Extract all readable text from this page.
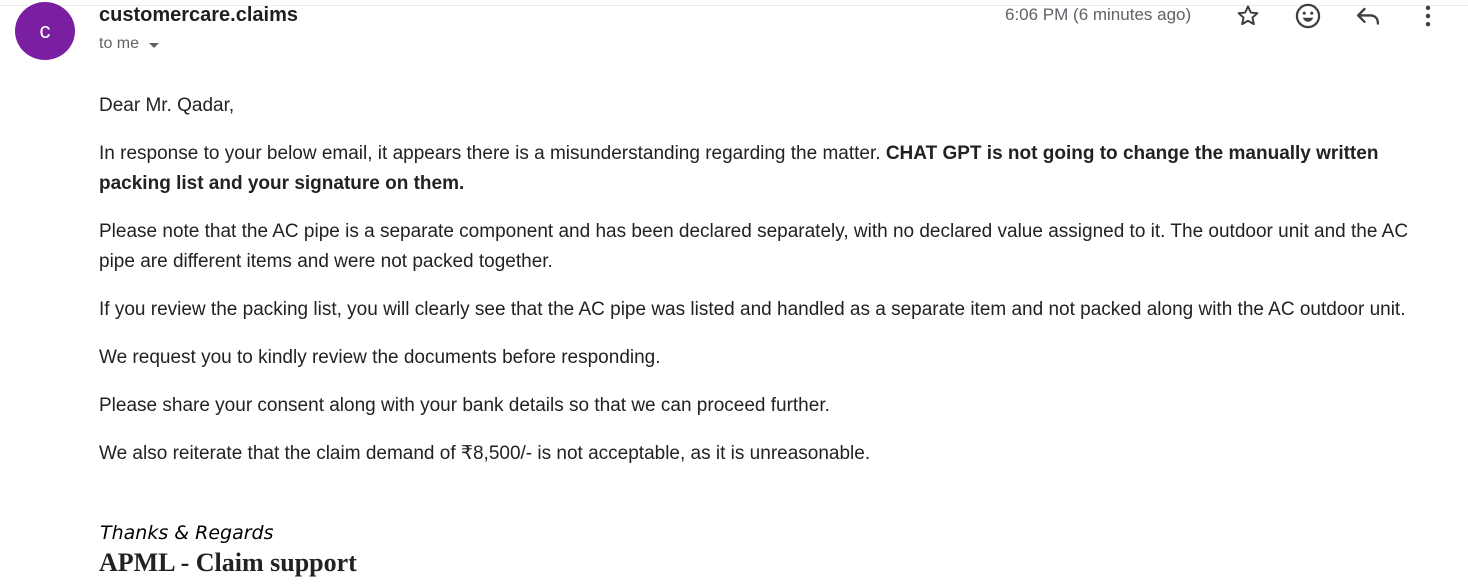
c
customercare.claims
to me
6:06 PM (6 minutes ago)

Dear Mr. Qadar,

In response to your below email, it appears there is a misunderstanding regarding the matter. CHAT GPT is not going to change the manually written packing list and your signature on them.

Please note that the AC pipe is a separate component and has been declared separately, with no declared value assigned to it. The outdoor unit and the AC pipe are different items and were not packed together.

If you review the packing list, you will clearly see that the AC pipe was listed and handled as a separate item and not packed along with the AC outdoor unit.

We request you to kindly review the documents before responding.

Please share your consent along with your bank details so that we can proceed further.

We also reiterate that the claim demand of ₹8,500/- is not acceptable, as it is unreasonable.

Thanks & Regards
APML - Claim support
